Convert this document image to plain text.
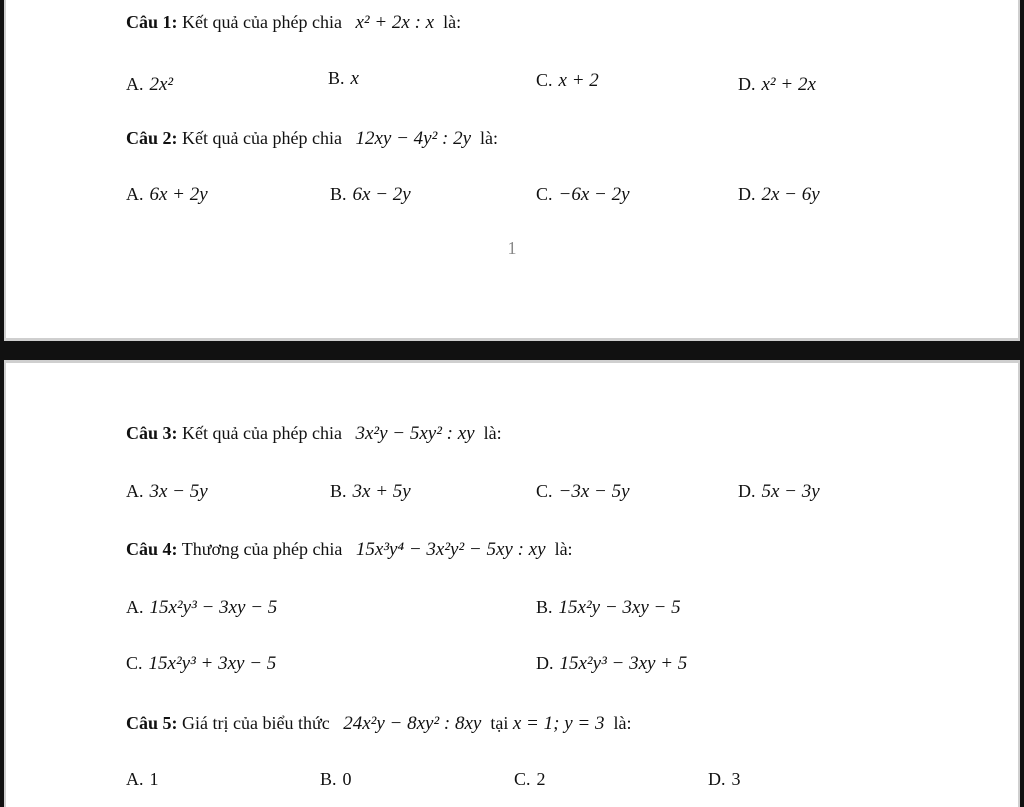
Câu 1: Kết quả của phép chia x² + 2x : x là:
A. 2x²	B. x	C. x + 2	D. x² + 2x
Câu 2: Kết quả của phép chia 12xy − 4y² : 2y là:
A. 6x + 2y	B. 6x − 2y	C. −6x − 2y	D. 2x − 6y
1
Câu 3: Kết quả của phép chia 3x²y − 5xy² : xy là:
A. 3x − 5y	B. 3x + 5y	C. −3x − 5y	D. 5x − 3y
Câu 4: Thương của phép chia 15x³y⁴ − 3x²y² − 5xy : xy là:
A. 15x²y³ − 3xy − 5	B. 15x²y − 3xy − 5
C. 15x²y³ + 3xy − 5	D. 15x²y³ − 3xy + 5
Câu 5: Giá trị của biểu thức 24x²y − 8xy² : 8xy tại x = 1; y = 3 là:
A. 1	B. 0	C. 2	D. 3
